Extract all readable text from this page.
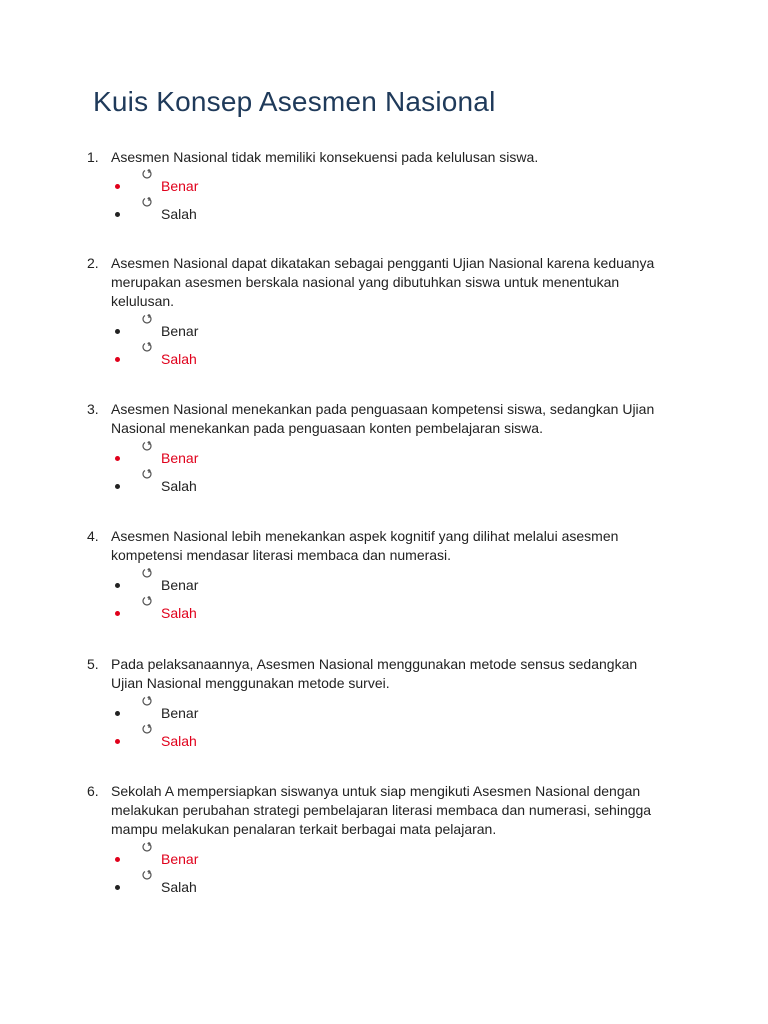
Kuis Konsep Asesmen Nasional
1. Asesmen Nasional tidak memiliki konsekuensi pada kelulusan siswa.
Benar
Salah
2. Asesmen Nasional dapat dikatakan sebagai pengganti Ujian Nasional karena keduanya merupakan asesmen berskala nasional yang dibutuhkan siswa untuk menentukan kelulusan.
Benar
Salah
3. Asesmen Nasional menekankan pada penguasaan kompetensi siswa, sedangkan Ujian Nasional menekankan pada penguasaan konten pembelajaran siswa.
Benar
Salah
4. Asesmen Nasional lebih menekankan aspek kognitif yang dilihat melalui asesmen kompetensi mendasar literasi membaca dan numerasi.
Benar
Salah
5. Pada pelaksanaannya, Asesmen Nasional menggunakan metode sensus sedangkan Ujian Nasional menggunakan metode survei.
Benar
Salah
6. Sekolah A mempersiapkan siswanya untuk siap mengikuti Asesmen Nasional dengan melakukan perubahan strategi pembelajaran literasi membaca dan numerasi, sehingga mampu melakukan penalaran terkait berbagai mata pelajaran.
Benar
Salah
